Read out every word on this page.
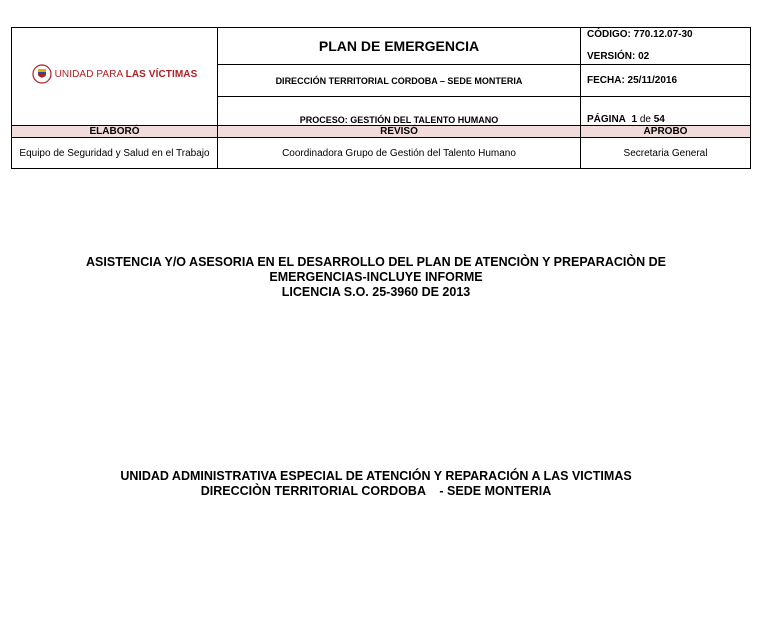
UNIDAD PARA LAS VÍCTIMAS	PLAN DE EMERGENCIA	CÓDIGO: 770.12.07-30
VERSIÓN: 02

	DIRECCIÓN TERRITORIAL CORDOBA – SEDE MONTERIA	FECHA: 25/11/2016
	PROCESO: GESTIÓN DEL TALENTO HUMANO	PÁGINA 1 de 54
ELABORÓ	REVISÓ	APROBO
Equipo de Seguridad y Salud en el Trabajo	Coordinadora Grupo de Gestión del Talento Humano	Secretaria General
ASISTENCIA Y/O ASESORIA EN EL DESARROLLO DEL PLAN DE ATENCIÒN Y PREPARACIÒN DE
EMERGENCIAS-INCLUYE INFORME
LICENCIA S.O. 25-3960 DE 2013
UNIDAD ADMINISTRATIVA ESPECIAL DE ATENCIÓN Y REPARACIÓN A LAS VICTIMAS
DIRECCIÒN TERRITORIAL CORDOBA    - SEDE MONTERIA
